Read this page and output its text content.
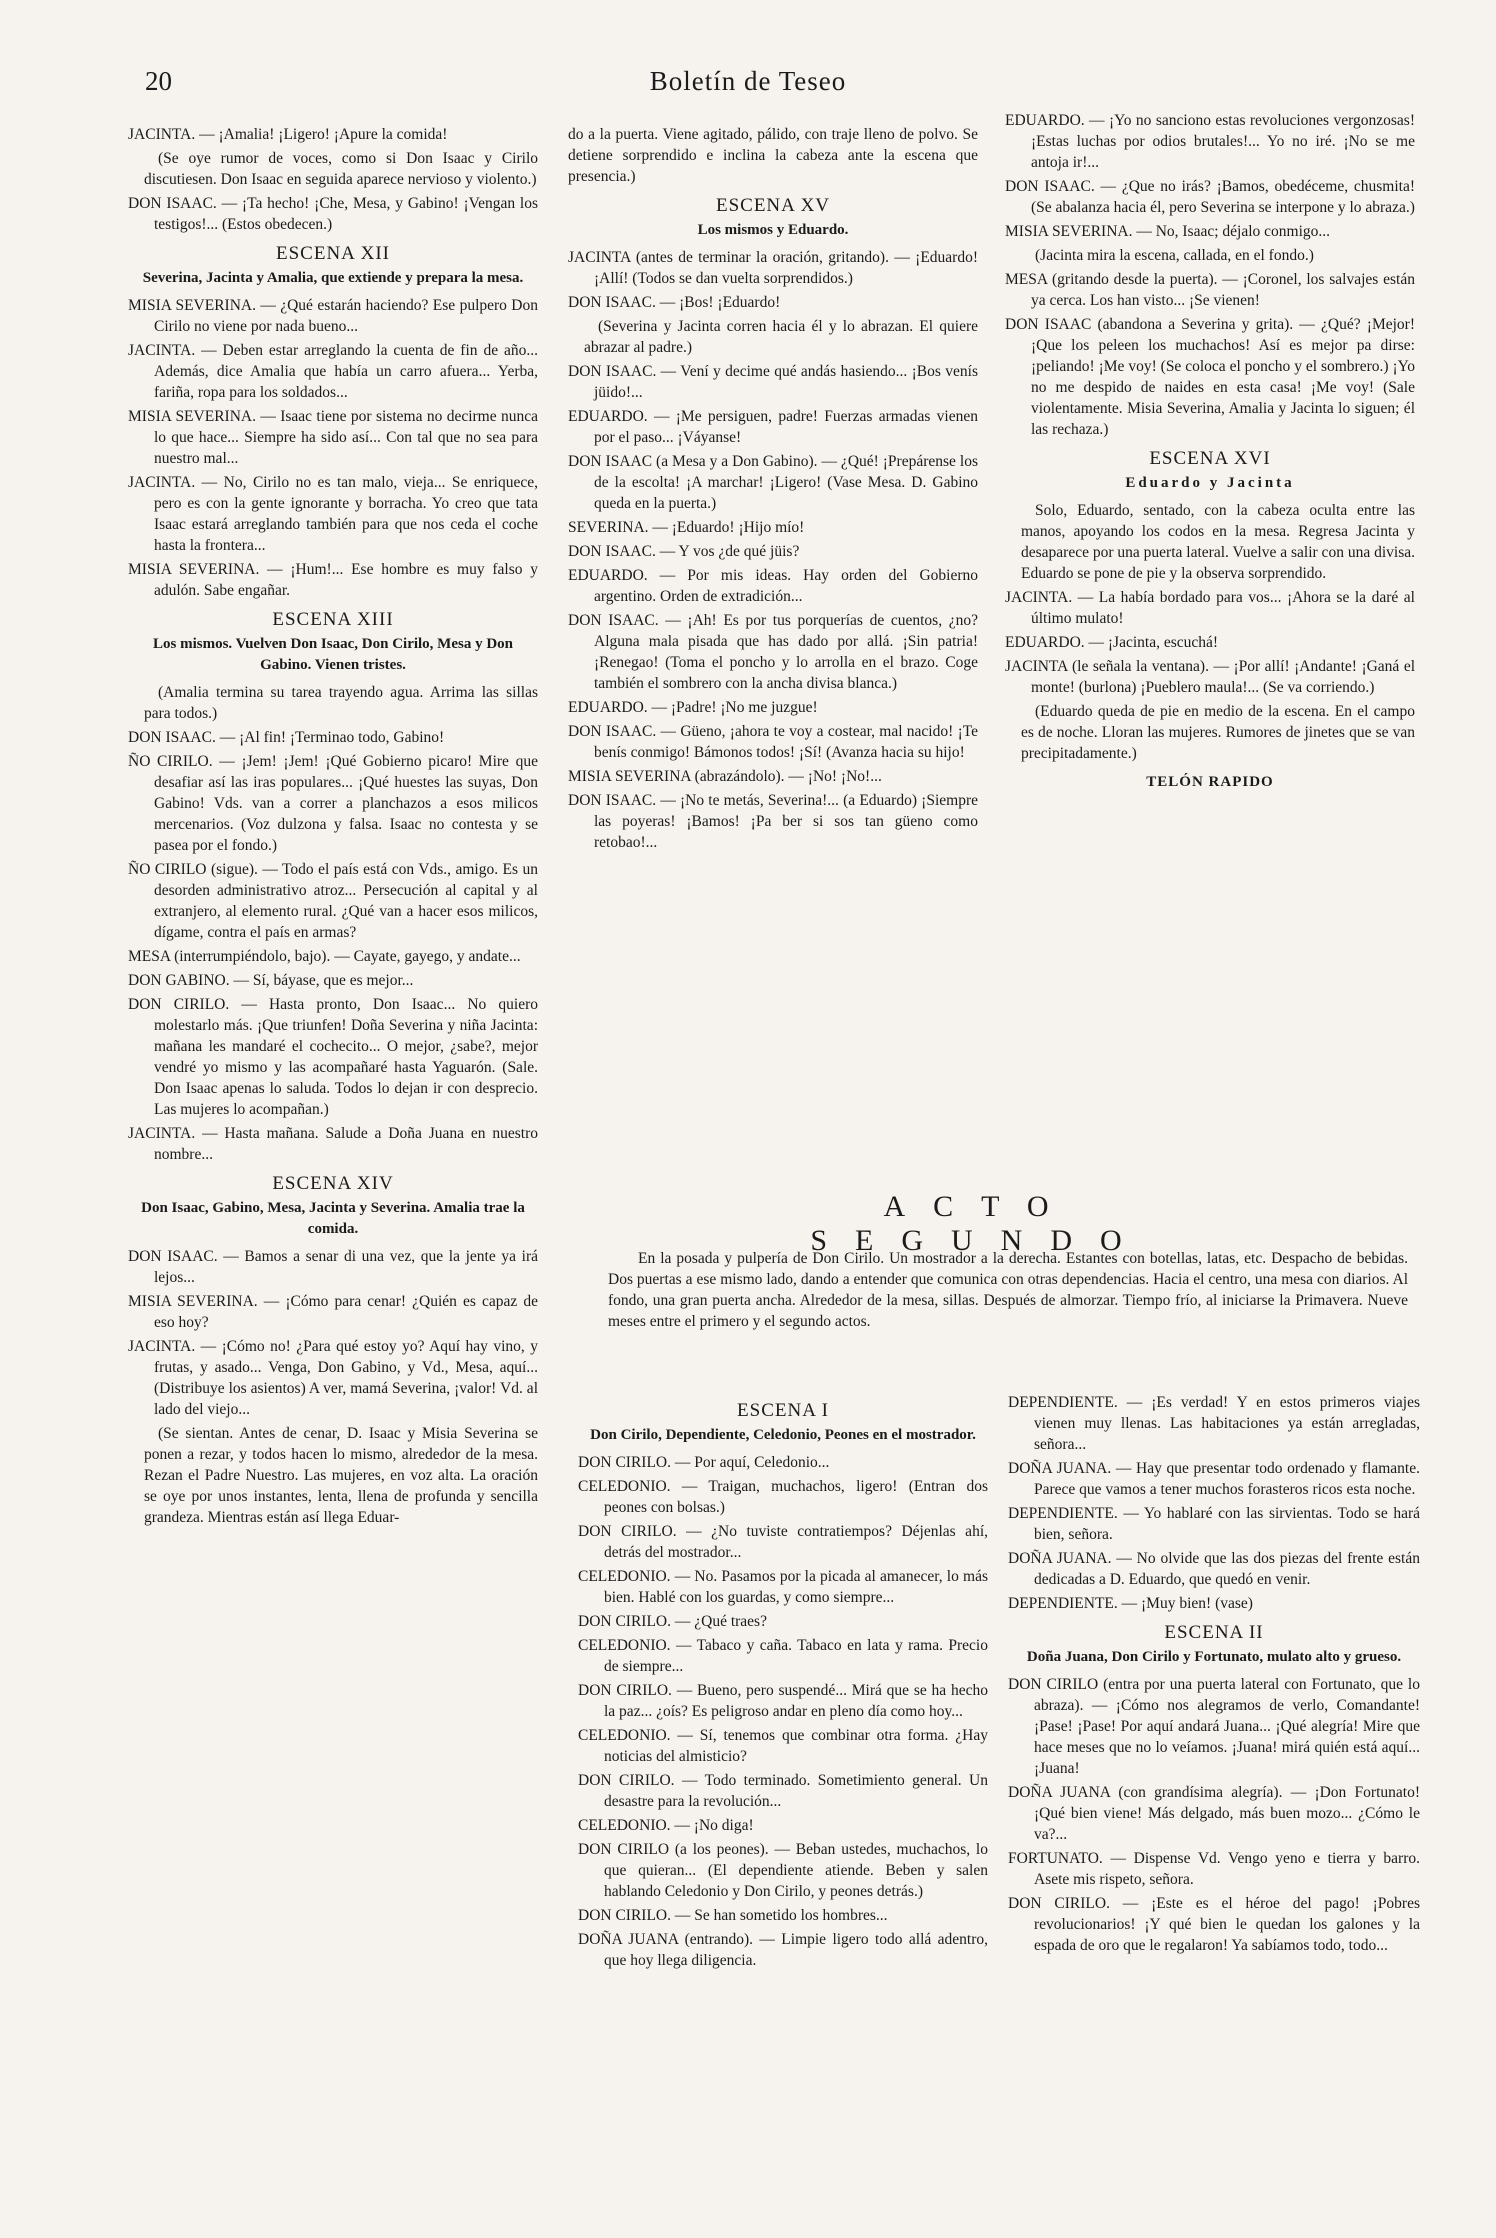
20	Boletín de Teseo

JACINTA. — ¡Amalia! ¡Ligero! ¡Apure la comida!

(Se oye rumor de voces, como si Don Isaac y Cirilo discutiesen. Don Isaac en seguida aparece nervioso y violento.)

DON ISAAC. — ¡Ta hecho! ¡Che, Mesa, y Gabino! ¡Vengan los testigos!... (Estos obedecen.)

ESCENA XII
Severina, Jacinta y Amalia, que extiende y prepara la mesa.

MISIA SEVERINA. — ¿Qué estarán haciendo? Ese pulpero Don Cirilo no viene por nada bueno...

JACINTA. — Deben estar arreglando la cuenta de fin de año... Además, dice Amalia que había un carro afuera... Yerba, fariña, ropa para los soldados...

MISIA SEVERINA. — Isaac tiene por sistema no decirme nunca lo que hace... Siempre ha sido así... Con tal que no sea para nuestro mal...

JACINTA. — No, Cirilo no es tan malo, vieja... Se enriquece, pero es con la gente ignorante y borracha. Yo creo que tata Isaac estará arreglando también para que nos ceda el coche hasta la frontera...

MISIA SEVERINA. — ¡Hum!... Ese hombre es muy falso y adulón. Sabe engañar.

ESCENA XIII
Los mismos. Vuelven Don Isaac, Don Cirilo, Mesa y Don Gabino. Vienen tristes.

(Amalia termina su tarea trayendo agua. Arrima las sillas para todos.)

DON ISAAC. — ¡Al fin! ¡Terminao todo, Gabino!

ÑO CIRILO. — ¡Jem! ¡Jem! ¡Qué Gobierno picaro! Mire que desafiar así las iras populares... ¡Qué huestes las suyas, Don Gabino! Vds. van a correr a planchazos a esos milicos mercenarios. (Voz dulzona y falsa. Isaac no contesta y se pasea por el fondo.)

ÑO CIRILO (sigue). — Todo el país está con Vds., amigo. Es un desorden administrativo atroz... Persecución al capital y al extranjero, al elemento rural. ¿Qué van a hacer esos milicos, dígame, contra el país en armas?

MESA (interrumpiéndolo, bajo). — Cayate, gayego, y andate...

DON GABINO. — Sí, báyase, que es mejor...

DON CIRILO. — Hasta pronto, Don Isaac... No quiero molestarlo más. ¡Que triunfen! Doña Severina y niña Jacinta: mañana les mandaré el cochecito... O mejor, ¿sabe?, mejor vendré yo mismo y las acompañaré hasta Yaguarón. (Sale. Don Isaac apenas lo saluda. Todos lo dejan ir con desprecio. Las mujeres lo acompañan.)

JACINTA. — Hasta mañana. Salude a Doña Juana en nuestro nombre...

ESCENA XIV
Don Isaac, Gabino, Mesa, Jacinta y Severina. Amalia trae la comida.

DON ISAAC. — Bamos a senar di una vez, que la jente ya irá lejos...

MISIA SEVERINA. — ¡Cómo para cenar! ¿Quién es capaz de eso hoy?

JACINTA. — ¡Cómo no! ¿Para qué estoy yo? Aquí hay vino, y frutas, y asado... Venga, Don Gabino, y Vd., Mesa, aquí... (Distribuye los asientos) A ver, mamá Severina, ¡valor! Vd. al lado del viejo...

(Se sientan. Antes de cenar, D. Isaac y Misia Severina se ponen a rezar, y todos hacen lo mismo, alrededor de la mesa. Rezan el Padre Nuestro. Las mujeres, en voz alta. La oración se oye por unos instantes, lenta, llena de profunda y sencilla grandeza. Mientras están así llega Eduar-

do a la puerta. Viene agitado, pálido, con traje lleno de polvo. Se detiene sorprendido e inclina la cabeza ante la escena que presencia.)

ESCENA XV
Los mismos y Eduardo.

JACINTA (antes de terminar la oración, gritando). — ¡Eduardo! ¡Allí! (Todos se dan vuelta sorprendidos.)

DON ISAAC. — ¡Bos! ¡Eduardo!

(Severina y Jacinta corren hacia él y lo abrazan. El quiere abrazar al padre.)

DON ISAAC. — Vení y decime qué andás hasiendo... ¡Bos venís jüido!...

EDUARDO. — ¡Me persiguen, padre! Fuerzas armadas vienen por el paso... ¡Váyanse!

DON ISAAC (a Mesa y a Don Gabino). — ¿Qué! ¡Prepárense los de la escolta! ¡A marchar! ¡Ligero! (Vase Mesa. D. Gabino queda en la puerta.)

SEVERINA. — ¡Eduardo! ¡Hijo mío!

DON ISAAC. — Y vos ¿de qué jüis?

EDUARDO. — Por mis ideas. Hay orden del Gobierno argentino. Orden de extradición...

DON ISAAC. — ¡Ah! Es por tus porquerías de cuentos, ¿no? Alguna mala pisada que has dado por allá. ¡Sin patria! ¡Renegao! (Toma el poncho y lo arrolla en el brazo. Coge también el sombrero con la ancha divisa blanca.)

EDUARDO. — ¡Padre! ¡No me juzgue!

DON ISAAC. — Güeno, ¡ahora te voy a costear, mal nacido! ¡Te benís conmigo! Bámonos todos! ¡Sí! (Avanza hacia su hijo!

MISIA SEVERINA (abrazándolo). — ¡No! ¡No!...

DON ISAAC. — ¡No te metás, Severina!... (a Eduardo) ¡Siempre las poyeras! ¡Bamos! ¡Pa ber si sos tan güeno como retobao!...

EDUARDO. — ¡Yo no sanciono estas revoluciones vergonzosas! ¡Estas luchas por odios brutales!... Yo no iré. ¡No se me antoja ir!...

DON ISAAC. — ¿Que no irás? ¡Bamos, obedéceme, chusmita! (Se abalanza hacia él, pero Severina se interpone y lo abraza.)

MISIA SEVERINA. — No, Isaac; déjalo conmigo...

(Jacinta mira la escena, callada, en el fondo.)

MESA (gritando desde la puerta). — ¡Coronel, los salvajes están ya cerca. Los han visto... ¡Se vienen!

DON ISAAC (abandona a Severina y grita). — ¿Qué? ¡Mejor! ¡Que los peleen los muchachos! Así es mejor pa dirse: ¡peliando! ¡Me voy! (Se coloca el poncho y el sombrero.) ¡Yo no me despido de naides en esta casa! ¡Me voy! (Sale violentamente. Misia Severina, Amalia y Jacinta lo siguen; él las rechaza.)

ESCENA XVI
Eduardo y Jacinta

Solo, Eduardo, sentado, con la cabeza oculta entre las manos, apoyando los codos en la mesa. Regresa Jacinta y desaparece por una puerta lateral. Vuelve a salir con una divisa. Eduardo se pone de pie y la observa sorprendido.

JACINTA. — La había bordado para vos... ¡Ahora se la daré al último mulato!

EDUARDO. — ¡Jacinta, escuchá!

JACINTA (le señala la ventana). — ¡Por allí! ¡Andante! ¡Ganá el monte! (burlona) ¡Pueblero maula!... (Se va corriendo.)

(Eduardo queda de pie en medio de la escena. En el campo es de noche. Lloran las mujeres. Rumores de jinetes que se van precipitadamente.)

TELÓN RAPIDO
ACTO SEGUNDO

En la posada y pulpería de Don Cirilo. Un mostrador a la derecha. Estantes con botellas, latas, etc. Despacho de bebidas. Dos puertas a ese mismo lado, dando a entender que comunica con otras dependencias. Hacia el centro, una mesa con diarios. Al fondo, una gran puerta ancha. Alrededor de la mesa, sillas. Después de almorzar. Tiempo frío, al iniciarse la Primavera. Nueve meses entre el primero y el segundo actos.

ESCENA I
Don Cirilo, Dependiente, Celedonio, Peones en el mostrador.

DON CIRILO. — Por aquí, Celedonio...

CELEDONIO. — Traigan, muchachos, ligero! (Entran dos peones con bolsas.)

DON CIRILO. — ¿No tuviste contratiempos? Déjenlas ahí, detrás del mostrador...

CELEDONIO. — No. Pasamos por la picada al amanecer, lo más bien. Hablé con los guardas, y como siempre...

DON CIRILO. — ¿Qué traes?

CELEDONIO. — Tabaco y caña. Tabaco en lata y rama. Precio de siempre...

DON CIRILO. — Bueno, pero suspendé... Mirá que se ha hecho la paz... ¿oís? Es peligroso andar en pleno día como hoy...

CELEDONIO. — Sí, tenemos que combinar otra forma. ¿Hay noticias del almisticio?

DON CIRILO. — Todo terminado. Sometimiento general. Un desastre para la revolución...

CELEDONIO. — ¡No diga!

DON CIRILO (a los peones). — Beban ustedes, muchachos, lo que quieran... (El dependiente atiende. Beben y salen hablando Celedonio y Don Cirilo, y peones detrás.)

DON CIRILO. — Se han sometido los hombres...

DOÑA JUANA (entrando). — Limpie ligero todo allá adentro, que hoy llega diligencia.

DEPENDIENTE. — ¡Es verdad! Y en estos primeros viajes vienen muy llenas. Las habitaciones ya están arregladas, señora...

DOÑA JUANA. — Hay que presentar todo ordenado y flamante. Parece que vamos a tener muchos forasteros ricos esta noche.

DEPENDIENTE. — Yo hablaré con las sirvientas. Todo se hará bien, señora.

DOÑA JUANA. — No olvide que las dos piezas del frente están dedicadas a D. Eduardo, que quedó en venir.

DEPENDIENTE. — ¡Muy bien! (vase)

ESCENA II
Doña Juana, Don Cirilo y Fortunato, mulato alto y grueso.

DON CIRILO (entra por una puerta lateral con Fortunato, que lo abraza). — ¡Cómo nos alegramos de verlo, Comandante! ¡Pase! ¡Pase! Por aquí andará Juana... ¡Qué alegría! Mire que hace meses que no lo veíamos. ¡Juana! mirá quién está aquí... ¡Juana!

DOÑA JUANA (con grandísima alegría). — ¡Don Fortunato! ¡Qué bien viene! Más delgado, más buen mozo... ¿Cómo le va?...

FORTUNATO. — Dispense Vd. Vengo yeno e tierra y barro. Asete mis rispeto, señora.

DON CIRILO. — ¡Este es el héroe del pago! ¡Pobres revolucionarios! ¡Y qué bien le quedan los galones y la espada de oro que le regalaron! Ya sabíamos todo, todo...
